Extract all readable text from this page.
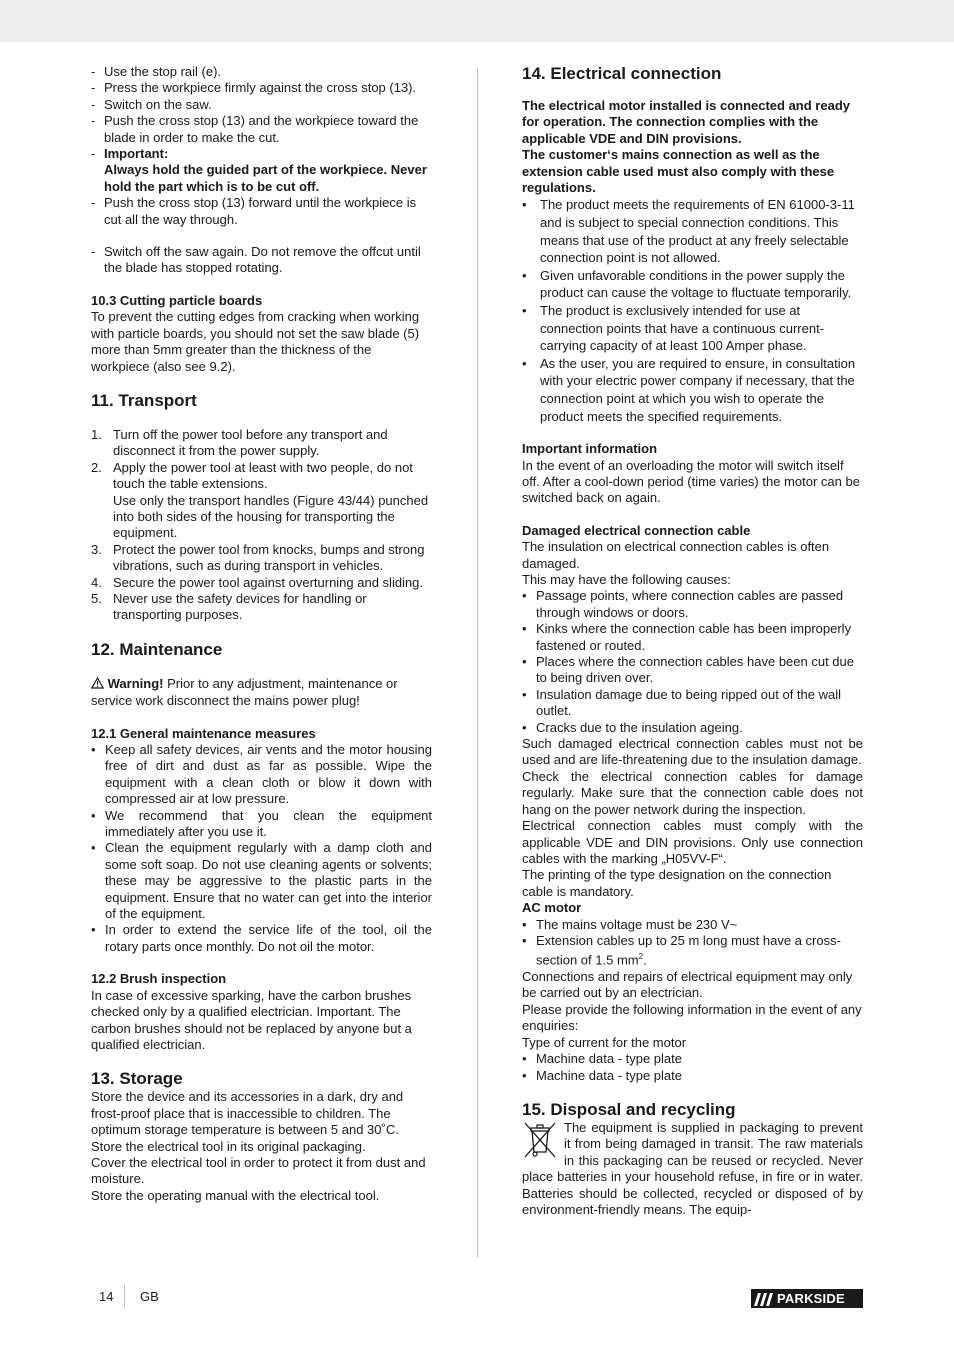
- Use the stop rail (e).
- Press the workpiece firmly against the cross stop (13).
- Switch on the saw.
- Push the cross stop (13) and the workpiece toward the blade in order to make the cut.
- Important:
Always hold the guided part of the workpiece. Never hold the part which is to be cut off.
- Push the cross stop (13) forward until the workpiece is cut all the way through.
- Switch off the saw again. Do not remove the offcut until the blade has stopped rotating.

10.3 Cutting particle boards

To prevent the cutting edges from cracking when working with particle boards, you should not set the saw blade (5) more than 5mm greater than the thickness of the workpiece (also see 9.2).

11. Transport
1. Turn off the power tool before any transport and disconnect it from the power supply.
2. Apply the power tool at least with two people, do not touch the table extensions.
Use only the transport handles (Figure 43/44) punched into both sides of the housing for transporting the equipment.
3. Protect the power tool from knocks, bumps and strong vibrations, such as during transport in vehicles.
4. Secure the power tool against overturning and sliding.
5. Never use the safety devices for handling or transporting purposes.
12. Maintenance

Warning! Prior to any adjustment, maintenance or service work disconnect the mains power plug!

12.1 General maintenance measures

• Keep all safety devices, air vents and the motor housing free of dirt and dust as far as possible. Wipe the equipment with a clean cloth or blow it down with compressed air at low pressure.
• We recommend that you clean the equipment immediately after you use it.
• Clean the equipment regularly with a damp cloth and some soft soap. Do not use cleaning agents or solvents; these may be aggressive to the plastic parts in the equipment. Ensure that no water can get into the interior of the equipment.
• In order to extend the service life of the tool, oil the rotary parts once monthly. Do not oil the motor.

12.2 Brush inspection

In case of excessive sparking, have the carbon brushes checked only by a qualified electrician. Important. The carbon brushes should not be replaced by anyone but a qualified electrician.

13. Storage

Store the device and its accessories in a dark, dry and frost-proof place that is inaccessible to children. The optimum storage temperature is between 5 and 30˚C.

Store the electrical tool in its original packaging.

Cover the electrical tool in order to protect it from dust and moisture.

Store the operating manual with the electrical tool.

14. Electrical connection

The electrical motor installed is connected and ready for operation. The connection complies with the applicable VDE and DIN provisions.

The customer‘s mains connection as well as the extension cable used must also comply with these regulations.

• The product meets the requirements of EN 61000-3-11 and is subject to special connection conditions. This means that use of the product at any freely selectable connection point is not allowed.
• Given unfavorable conditions in the power supply the product can cause the voltage to fluctuate temporarily.
• The product is exclusively intended for use at connection points that have a continuous current-carrying capacity of at least 100 Amper phase.
• As the user, you are required to ensure, in consultation with your electric power company if necessary, that the connection point at which you wish to operate the product meets the specified requirements.

Important information

In the event of an overloading the motor will switch itself off. After a cool-down period (time varies) the motor can be switched back on again.

Damaged electrical connection cable

The insulation on electrical connection cables is often damaged.

This may have the following causes:

• Passage points, where connection cables are passed through windows or doors.
• Kinks where the connection cable has been improperly fastened or routed.
• Places where the connection cables have been cut due to being driven over.
• Insulation damage due to being ripped out of the wall outlet.
• Cracks due to the insulation ageing.

Such damaged electrical connection cables must not be used and are life-threatening due to the insulation damage.

Check the electrical connection cables for damage regularly. Make sure that the connection cable does not hang on the power network during the inspection.

Electrical connection cables must comply with the applicable VDE and DIN provisions. Only use connection cables with the marking „H05VV-F“.

The printing of the type designation on the connection cable is mandatory.

AC motor

• The mains voltage must be 230 V~
• Extension cables up to 25 m long must have a cross-section of 1.5 $mm^2$.

Connections and repairs of electrical equipment may only be carried out by an electrician.

Please provide the following information in the event of any enquiries:

Type of current for the motor

• Machine data - type plate
• Machine data - type plate
15. Disposal and recycling
The equipment is supplied in packaging to prevent it from being damaged in transit. The raw materials in this packaging can be reused or recycled. Never place batteries in your household refuse, in fire or in water. Batteries should be collected, recycled or disposed of by environment-friendly means. The equip-
14 GB	PARKSIDE
